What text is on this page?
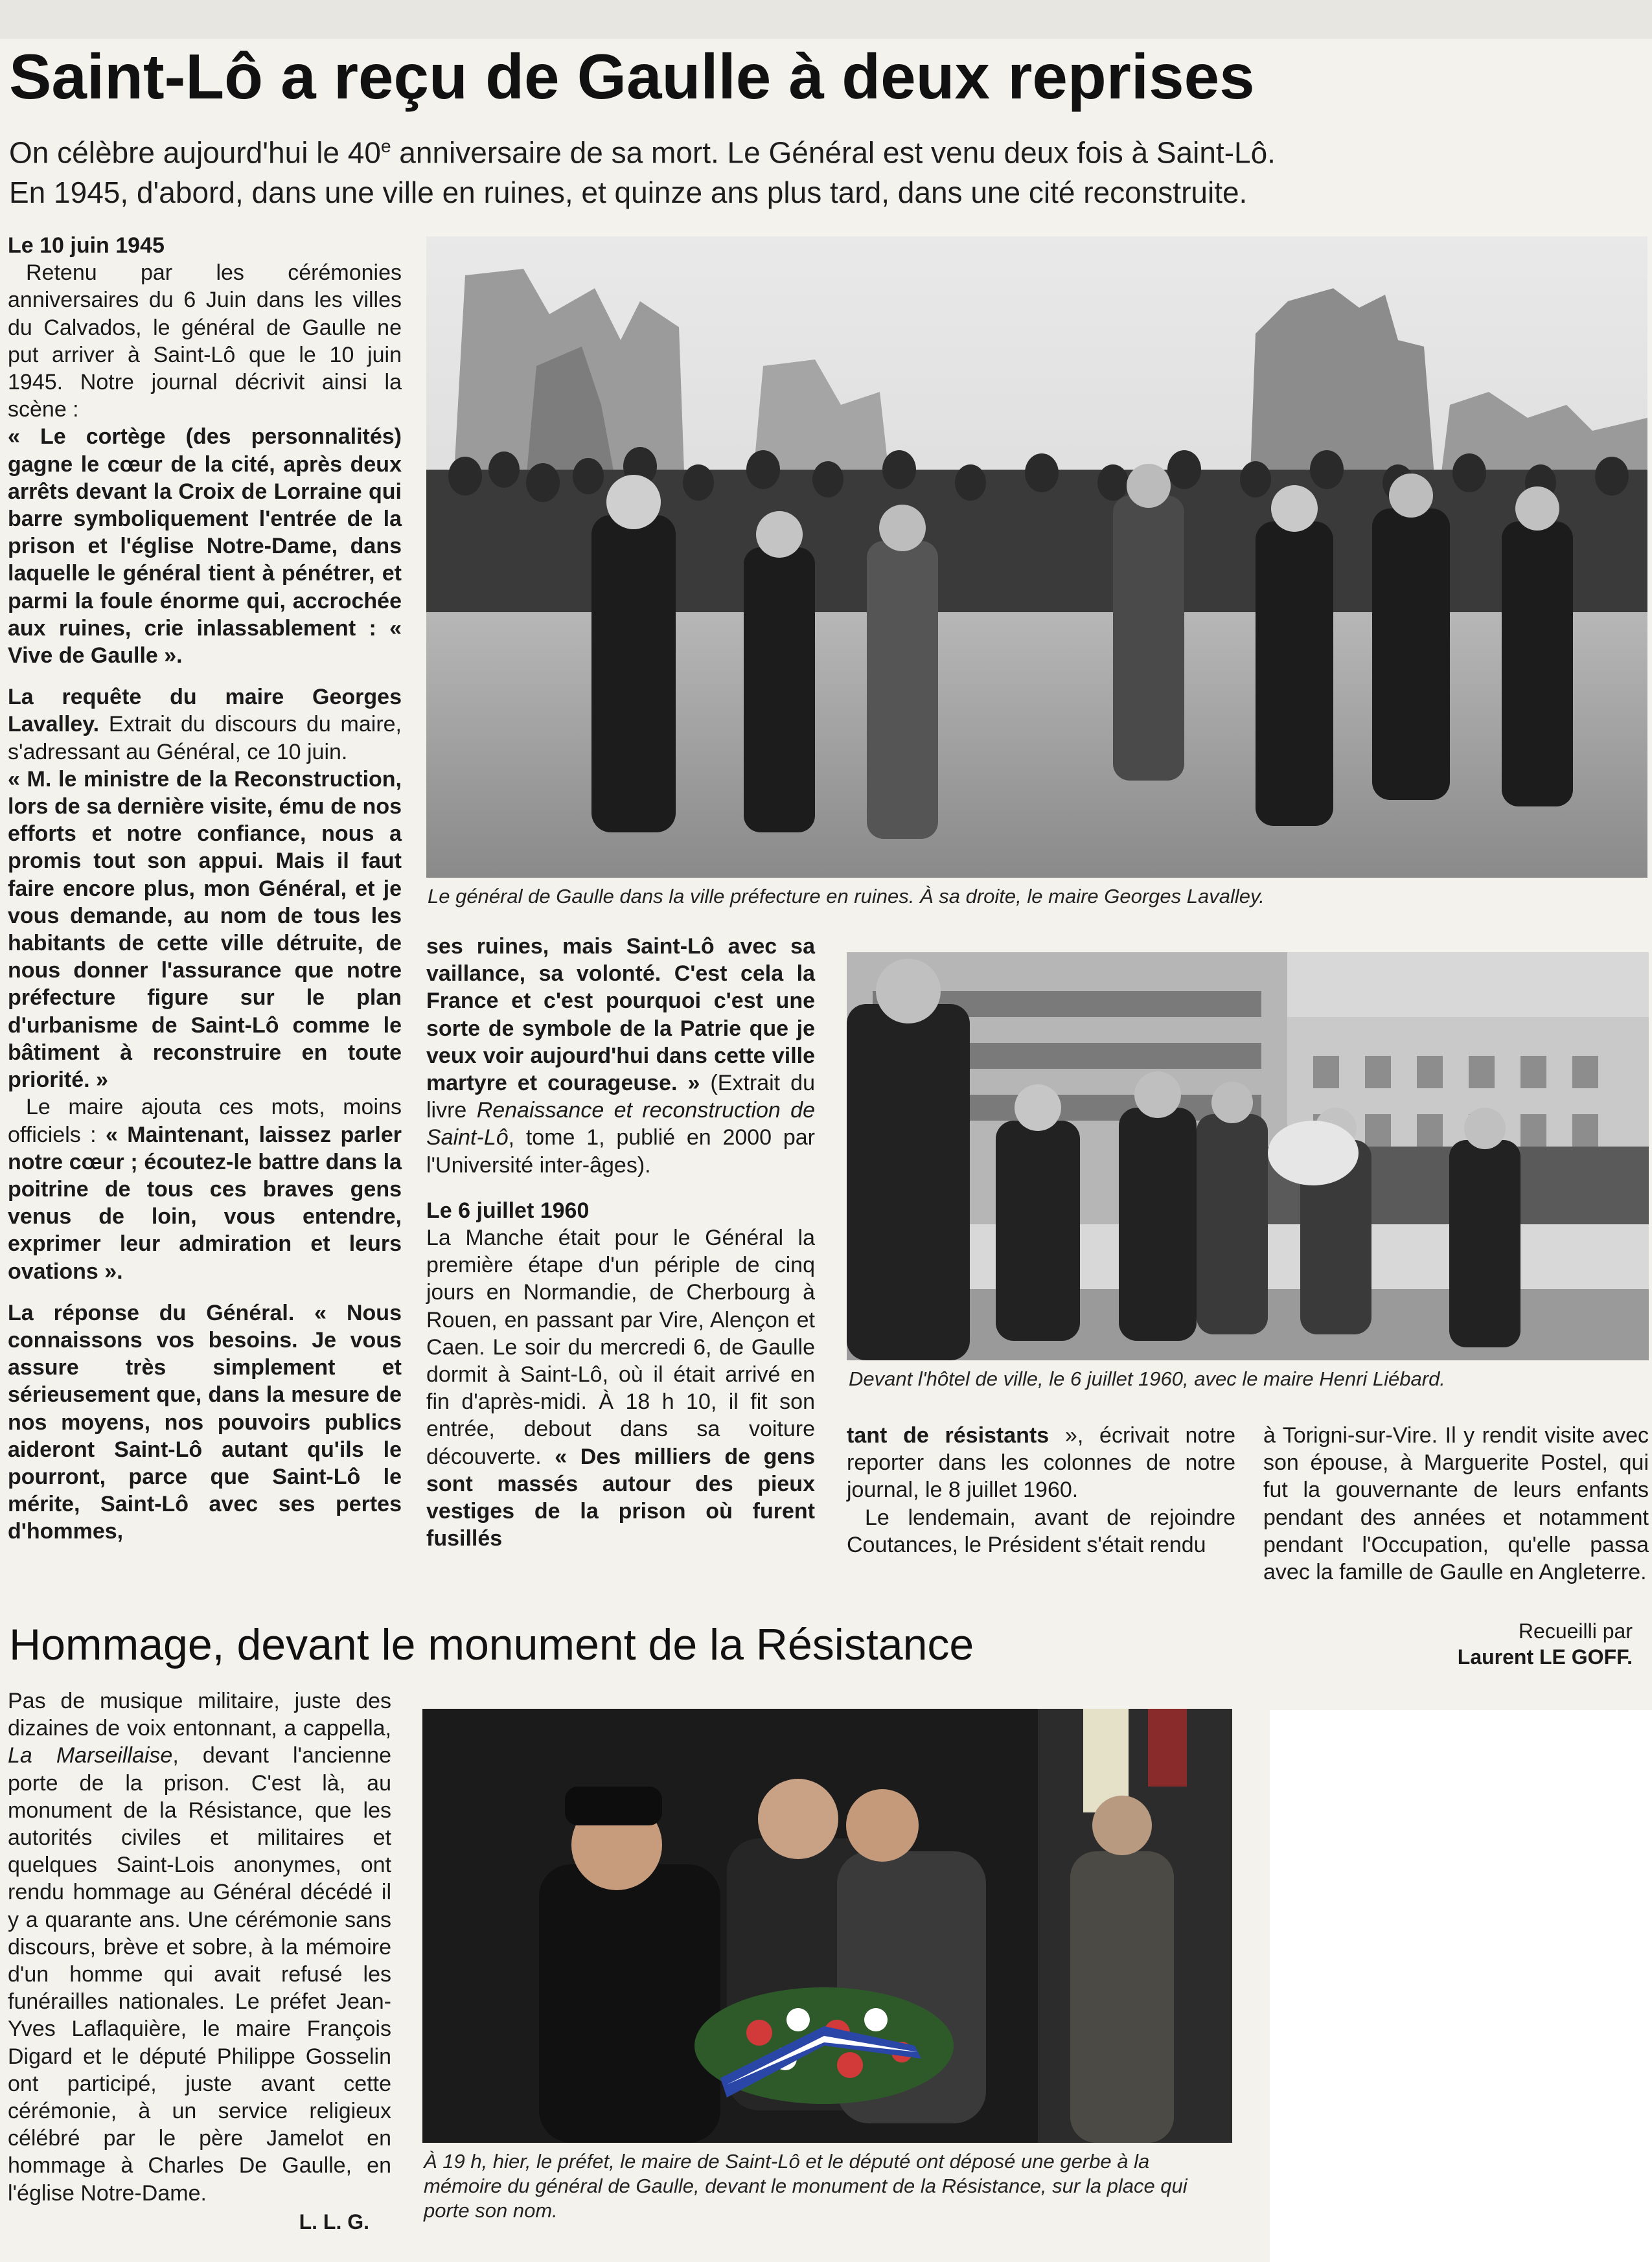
Saint-Lô a reçu de Gaulle à deux reprises
On célèbre aujourd'hui le 40e anniversaire de sa mort. Le Général est venu deux fois à Saint-Lô.
En 1945, d'abord, dans une ville en ruines, et quinze ans plus tard, dans une cité reconstruite.

Le 10 juin 1945

Retenu par les cérémonies anniversaires du 6 Juin dans les villes du Calvados, le général de Gaulle ne put arriver à Saint-Lô que le 10 juin 1945. Notre journal décrivit ainsi la scène :

« Le cortège (des personnalités) gagne le cœur de la cité, après deux arrêts devant la Croix de Lorraine qui barre symboliquement l'entrée de la prison et l'église Notre-Dame, dans laquelle le général tient à pénétrer, et parmi la foule énorme qui, accrochée aux ruines, crie inlassablement : « Vive de Gaulle ».

La requête du maire Georges Lavalley. Extrait du discours du maire, s'adressant au Général, ce 10 juin.

« M. le ministre de la Reconstruction, lors de sa dernière visite, ému de nos efforts et notre confiance, nous a promis tout son appui. Mais il faut faire encore plus, mon Général, et je vous demande, au nom de tous les habitants de cette ville détruite, de nous donner l'assurance que notre préfecture figure sur le plan d'urbanisme de Saint-Lô comme le bâtiment à reconstruire en toute priorité. »

Le maire ajouta ces mots, moins officiels : « Maintenant, laissez parler notre cœur ; écoutez-le battre dans la poitrine de tous ces braves gens venus de loin, vous entendre, exprimer leur admiration et leurs ovations ».

La réponse du Général. « Nous connaissons vos besoins. Je vous assure très simplement et sérieusement que, dans la mesure de nos moyens, nos pouvoirs publics aideront Saint-Lô autant qu'ils le pourront, parce que Saint-Lô le mérite, Saint-Lô avec ses pertes d'hommes,

Le général de Gaulle dans la ville préfecture en ruines. À sa droite, le maire Georges Lavalley.

ses ruines, mais Saint-Lô avec sa vaillance, sa volonté. C'est cela la France et c'est pourquoi c'est une sorte de symbole de la Patrie que je veux voir aujourd'hui dans cette ville martyre et courageuse. » (Extrait du livre Renaissance et reconstruction de Saint-Lô, tome 1, publié en 2000 par l'Université inter-âges).

Le 6 juillet 1960

La Manche était pour le Général la première étape d'un périple de cinq jours en Normandie, de Cherbourg à Rouen, en passant par Vire, Alençon et Caen. Le soir du mercredi 6, de Gaulle dormit à Saint-Lô, où il était arrivé en fin d'après-midi. À 18 h 10, il fit son entrée, debout dans sa voiture découverte. « Des milliers de gens sont massés autour des pieux vestiges de la prison où furent fusillés

Devant l'hôtel de ville, le 6 juillet 1960, avec le maire Henri Liébard.

tant de résistants », écrivait notre reporter dans les colonnes de notre journal, le 8 juillet 1960.

Le lendemain, avant de rejoindre Coutances, le Président s'était rendu

à Torigni-sur-Vire. Il y rendit visite avec son épouse, à Marguerite Postel, qui fut la gouvernante de leurs enfants pendant des années et notamment pendant l'Occupation, qu'elle passa avec la famille de Gaulle en Angleterre.

Recueilli par
Laurent LE GOFF.
Hommage, devant le monument de la Résistance

Pas de musique militaire, juste des dizaines de voix entonnant, a cappella, La Marseillaise, devant l'ancienne porte de la prison. C'est là, au monument de la Résistance, que les autorités civiles et militaires et quelques Saint-Lois anonymes, ont rendu hommage au Général décédé il y a quarante ans. Une cérémonie sans discours, brève et sobre, à la mémoire d'un homme qui avait refusé les funérailles nationales. Le préfet Jean-Yves Laflaquière, le maire François Digard et le député Philippe Gosselin ont participé, juste avant cette cérémonie, à un service religieux célébré par le père Jamelot en hommage à Charles De Gaulle, en l'église Notre-Dame.

L. L. G.
À 19 h, hier, le préfet, le maire de Saint-Lô et le député ont déposé une gerbe à la mémoire du général de Gaulle, devant le monument de la Résistance, sur la place qui porte son nom.
